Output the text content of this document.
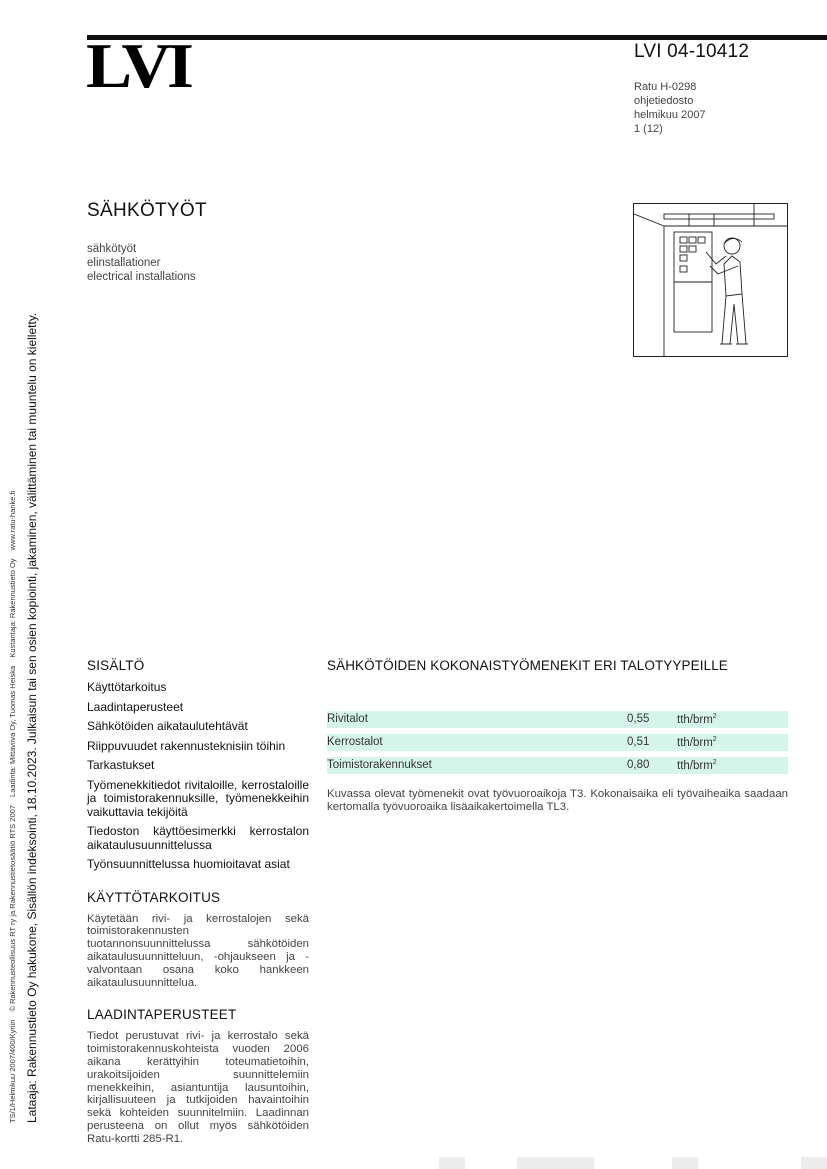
LVI	LVI 04-10412
Ratu H-0298
ohjetiedosto
helmikuu 2007
1 (12)
SÄHKÖTYÖT
sähkötyöt
elinstallationer
electrical installations
Lataaja: Rakennustieto Oy hakukone, Sisällön indeksointi, 18.10.2023. Julkaisun tai sen osien kopiointi, jakaminen, välittäminen tai muuntelu on kielletty.
TS/1/Helmikuu 2007/400/Kyriiri © Rakennusteollisuus RT ry ja Rakennustietosäätiö RTS 2007 Laadinta: Mittaviiva Oy, Tuomas Heiska Kustantaja: Rakennustieto Oy www.ratu-hanke.fi
SISÄLTÖ
Käyttötarkoitus
Laadintaperusteet
Sähkötöiden aikataulutehtävät
Riippuvuudet rakennusteknisiin töihin
Tarkastukset
Työmenekkitiedot rivitaloille, kerrostaloille ja toimistorakennuksille, työmenekkeihin vaikuttavia tekijöitä
Tiedoston käyttöesimerkki kerrostalon aikataulusuunnittelussa
Työnsuunnittelussa huomioitavat asiat
KÄYTTÖTARKOITUS

Käytetään rivi- ja kerrostalojen sekä toimistorakennusten tuotannonsuunnittelussa sähkötöiden aikataulusuunnitteluun, -ohjaukseen ja -valvontaan osana koko hankkeen aikataulusuunnittelua.

LAADINTAPERUSTEET

Tiedot perustuvat rivi- ja kerrostalo sekä toimistorakennuskohteista vuoden 2006 aikana kerättyihin toteumatietoihin, urakoitsijoiden suunnittelemiin menekkeihin, asiantuntija lausuntoihin, kirjallisuuteen ja tutkijoiden havaintoihin sekä kohteiden suunnitelmiin. Laadinnan perusteena on ollut myös sähkötöiden Ratu-kortti 285-R1.

SÄHKÖTÖIDEN KOKONAISTYÖMENEKIT ERI TALOTYYPEILLE
Rivitalot	0,55 tth/brm$^2$
Kerrostalot	0,51 tth/brm$^2$
Toimistorakennukset	0,80 tth/brm$^2$

Kuvassa olevat työmenekit ovat työvuoroaikoja T3. Kokonaisaika eli työvaiheaika saadaan kertomalla työvuoroaika lisäaikakertoimella TL3.
